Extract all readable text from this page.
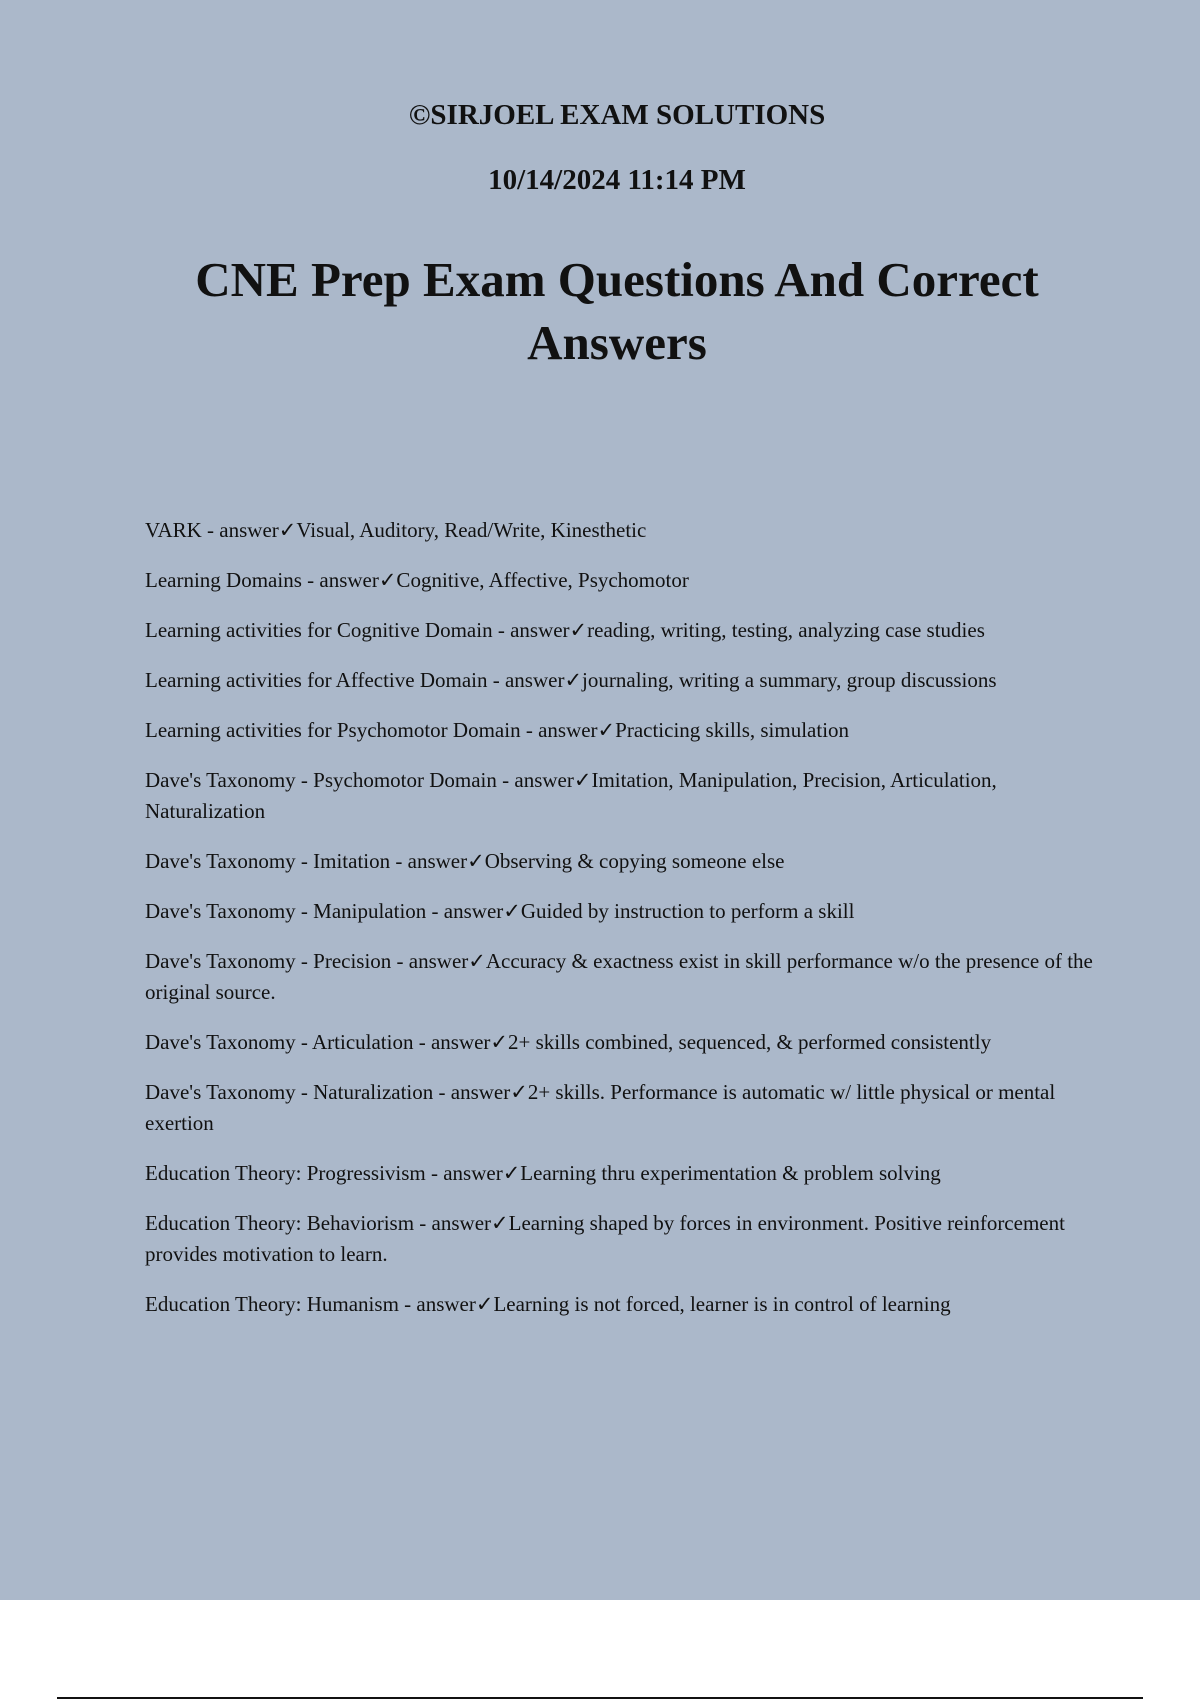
©SIRJOEL EXAM SOLUTIONS

10/14/2024 11:14 PM

CNE Prep Exam Questions And Correct Answers
VARK - answer✓Visual, Auditory, Read/Write, Kinesthetic
Learning Domains - answer✓Cognitive, Affective, Psychomotor
Learning activities for Cognitive Domain - answer✓reading, writing, testing, analyzing case studies
Learning activities for Affective Domain - answer✓journaling, writing a summary, group discussions
Learning activities for Psychomotor Domain - answer✓Practicing skills, simulation
Dave's Taxonomy - Psychomotor Domain - answer✓Imitation, Manipulation, Precision, Articulation, Naturalization
Dave's Taxonomy - Imitation - answer✓Observing & copying someone else
Dave's Taxonomy - Manipulation - answer✓Guided by instruction to perform a skill
Dave's Taxonomy - Precision - answer✓Accuracy & exactness exist in skill performance w/o the presence of the original source.
Dave's Taxonomy - Articulation - answer✓2+ skills combined, sequenced, & performed consistently
Dave's Taxonomy - Naturalization - answer✓2+ skills. Performance is automatic w/ little physical or mental exertion
Education Theory: Progressivism - answer✓Learning thru experimentation & problem solving
Education Theory: Behaviorism - answer✓Learning shaped by forces in environment. Positive reinforcement provides motivation to learn.
Education Theory: Humanism - answer✓Learning is not forced, learner is in control of learning
